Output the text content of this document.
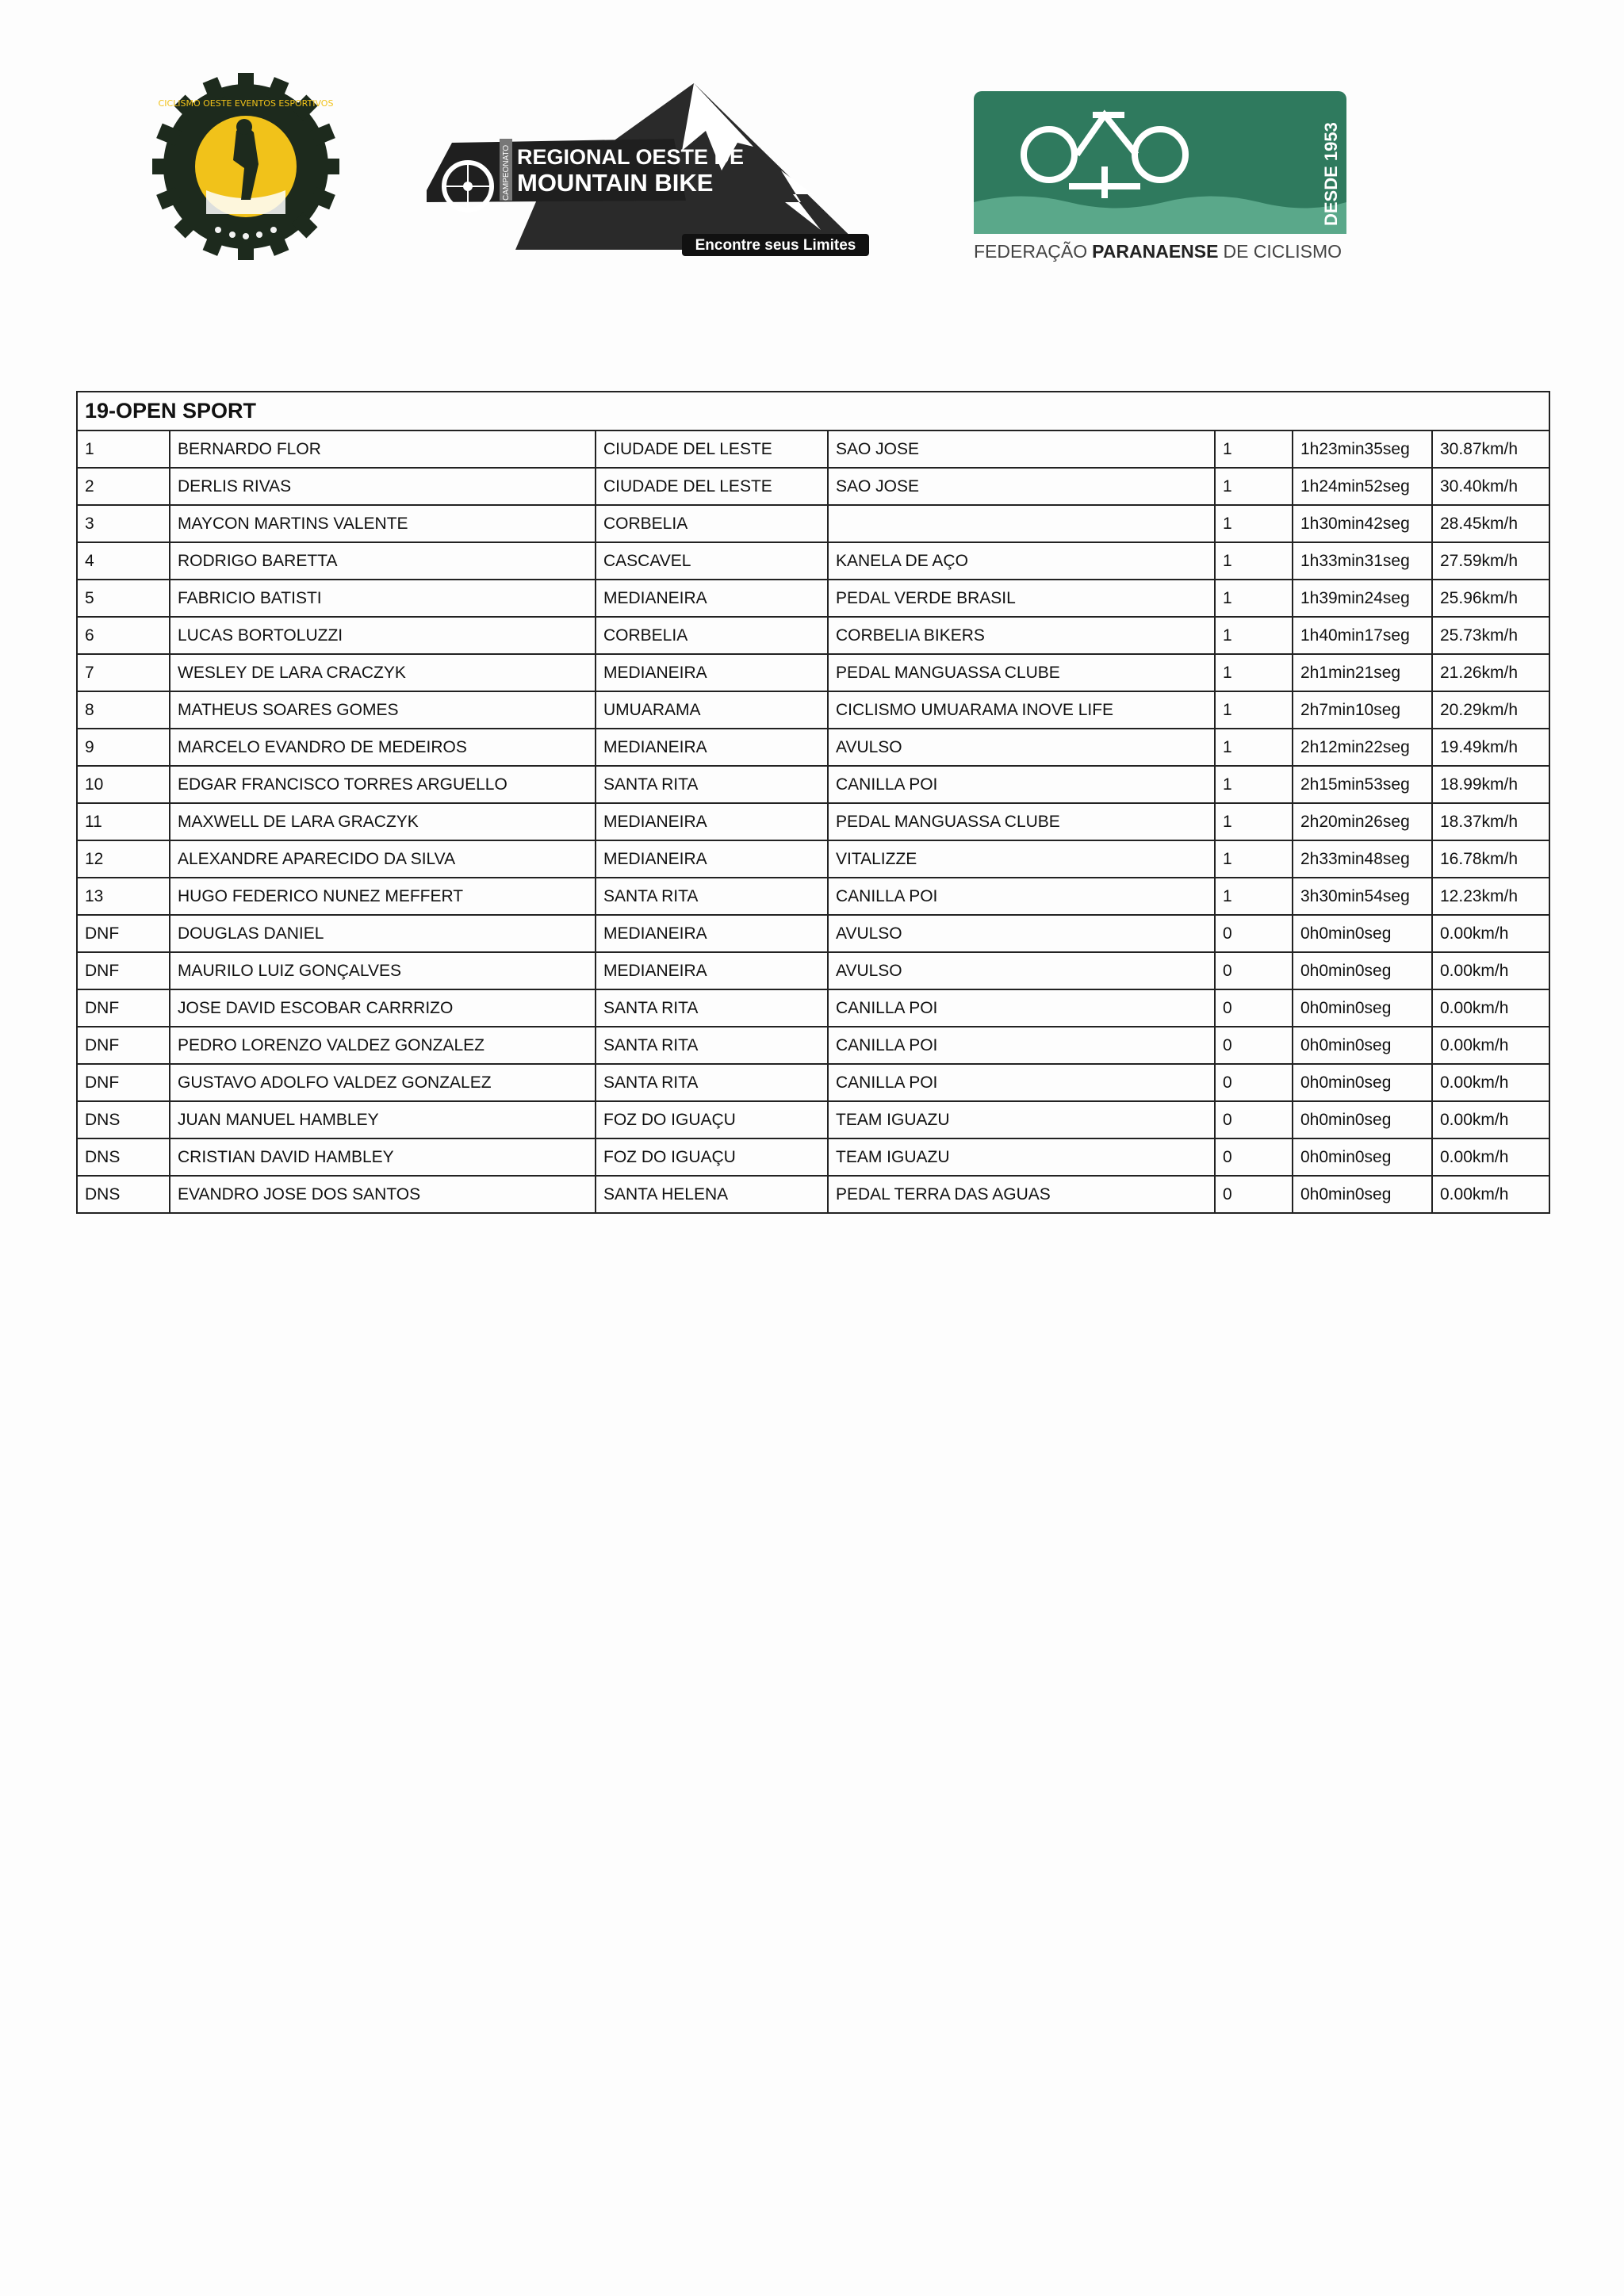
CICLISMO OESTE EVENTOS ESPORTIVOS
CAMPEONATO REGIONAL OESTE DE
MOUNTAIN BIKE
Encontre seus Limites
DESDE 1953
FEDERAÇÃO PARANAENSE DE CICLISMO
19-OPEN SPORT						
1	BERNARDO FLOR	CIUDADE DEL LESTE	SAO JOSE	1	1h23min35seg	30.87km/h
2	DERLIS RIVAS	CIUDADE DEL LESTE	SAO JOSE	1	1h24min52seg	30.40km/h
3	MAYCON MARTINS VALENTE	CORBELIA		1	1h30min42seg	28.45km/h
4	RODRIGO BARETTA	CASCAVEL	KANELA DE AÇO	1	1h33min31seg	27.59km/h
5	FABRICIO BATISTI	MEDIANEIRA	PEDAL VERDE BRASIL	1	1h39min24seg	25.96km/h
6	LUCAS BORTOLUZZI	CORBELIA	CORBELIA BIKERS	1	1h40min17seg	25.73km/h
7	WESLEY DE LARA CRACZYK	MEDIANEIRA	PEDAL MANGUASSA CLUBE	1	2h1min21seg	21.26km/h
8	MATHEUS SOARES GOMES	UMUARAMA	CICLISMO UMUARAMA INOVE LIFE	1	2h7min10seg	20.29km/h
9	MARCELO EVANDRO DE MEDEIROS	MEDIANEIRA	AVULSO	1	2h12min22seg	19.49km/h
10	EDGAR FRANCISCO TORRES ARGUELLO	SANTA RITA	CANILLA POI	1	2h15min53seg	18.99km/h
11	MAXWELL DE LARA GRACZYK	MEDIANEIRA	PEDAL MANGUASSA CLUBE	1	2h20min26seg	18.37km/h
12	ALEXANDRE APARECIDO DA SILVA	MEDIANEIRA	VITALIZZE	1	2h33min48seg	16.78km/h
13	HUGO FEDERICO NUNEZ MEFFERT	SANTA RITA	CANILLA POI	1	3h30min54seg	12.23km/h
DNF	DOUGLAS DANIEL	MEDIANEIRA	AVULSO	0	0h0min0seg	0.00km/h
DNF	MAURILO LUIZ GONÇALVES	MEDIANEIRA	AVULSO	0	0h0min0seg	0.00km/h
DNF	JOSE DAVID ESCOBAR CARRRIZO	SANTA RITA	CANILLA POI	0	0h0min0seg	0.00km/h
DNF	PEDRO LORENZO VALDEZ GONZALEZ	SANTA RITA	CANILLA POI	0	0h0min0seg	0.00km/h
DNF	GUSTAVO ADOLFO VALDEZ GONZALEZ	SANTA RITA	CANILLA POI	0	0h0min0seg	0.00km/h
DNS	JUAN MANUEL HAMBLEY	FOZ DO IGUAÇU	TEAM IGUAZU	0	0h0min0seg	0.00km/h
DNS	CRISTIAN DAVID HAMBLEY	FOZ DO IGUAÇU	TEAM IGUAZU	0	0h0min0seg	0.00km/h
DNS	EVANDRO JOSE DOS SANTOS	SANTA HELENA	PEDAL TERRA DAS AGUAS	0	0h0min0seg	0.00km/h
